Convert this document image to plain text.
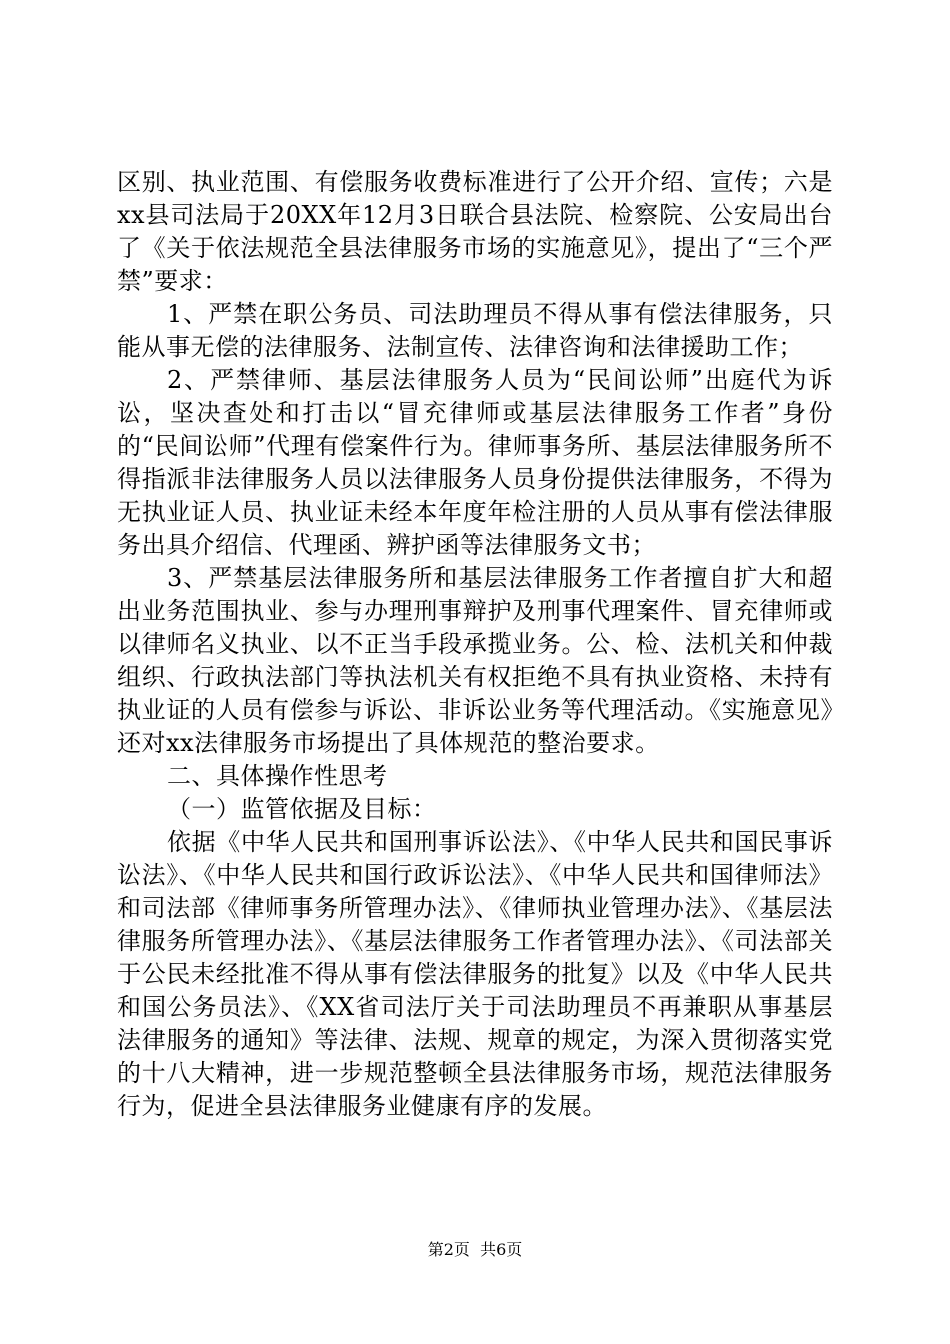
区别、执业范围、有偿服务收费标准进行了公开介绍、宣传；六是xx县司法局于20XX年12月3日联合县法院、检察院、公安局出台了《关于依法规范全县法律服务市场的实施意见》，提出了“三个严禁”要求：

1、严禁在职公务员、司法助理员不得从事有偿法律服务，只能从事无偿的法律服务、法制宣传、法律咨询和法律援助工作；

2、严禁律师、基层法律服务人员为“民间讼师”出庭代为诉讼，坚决查处和打击以“冒充律师或基层法律服务工作者”身份的“民间讼师”代理有偿案件行为。律师事务所、基层法律服务所不得指派非法律服务人员以法律服务人员身份提供法律服务，不得为无执业证人员、执业证未经本年度年检注册的人员从事有偿法律服务出具介绍信、代理函、辨护函等法律服务文书；

3、严禁基层法律服务所和基层法律服务工作者擅自扩大和超出业务范围执业、参与办理刑事辩护及刑事代理案件、冒充律师或以律师名义执业、以不正当手段承揽业务。公、检、法机关和仲裁组织、行政执法部门等执法机关有权拒绝不具有执业资格、未持有执业证的人员有偿参与诉讼、非诉讼业务等代理活动。《实施意见》还对xx法律服务市场提出了具体规范的整治要求。

二、具体操作性思考

（一）监管依据及目标：

依据《中华人民共和国刑事诉讼法》、《中华人民共和国民事诉讼法》、《中华人民共和国行政诉讼法》、《中华人民共和国律师法》和司法部《律师事务所管理办法》、《律师执业管理办法》、《基层法律服务所管理办法》、《基层法律服务工作者管理办法》、《司法部关于公民未经批准不得从事有偿法律服务的批复》以及《中华人民共和国公务员法》、《XX省司法厅关于司法助理员不再兼职从事基层法律服务的通知》等法律、法规、规章的规定，为深入贯彻落实党的十八大精神，进一步规范整顿全县法律服务市场，规范法律服务行为，促进全县法律服务业健康有序的发展。

第2页  共6页
